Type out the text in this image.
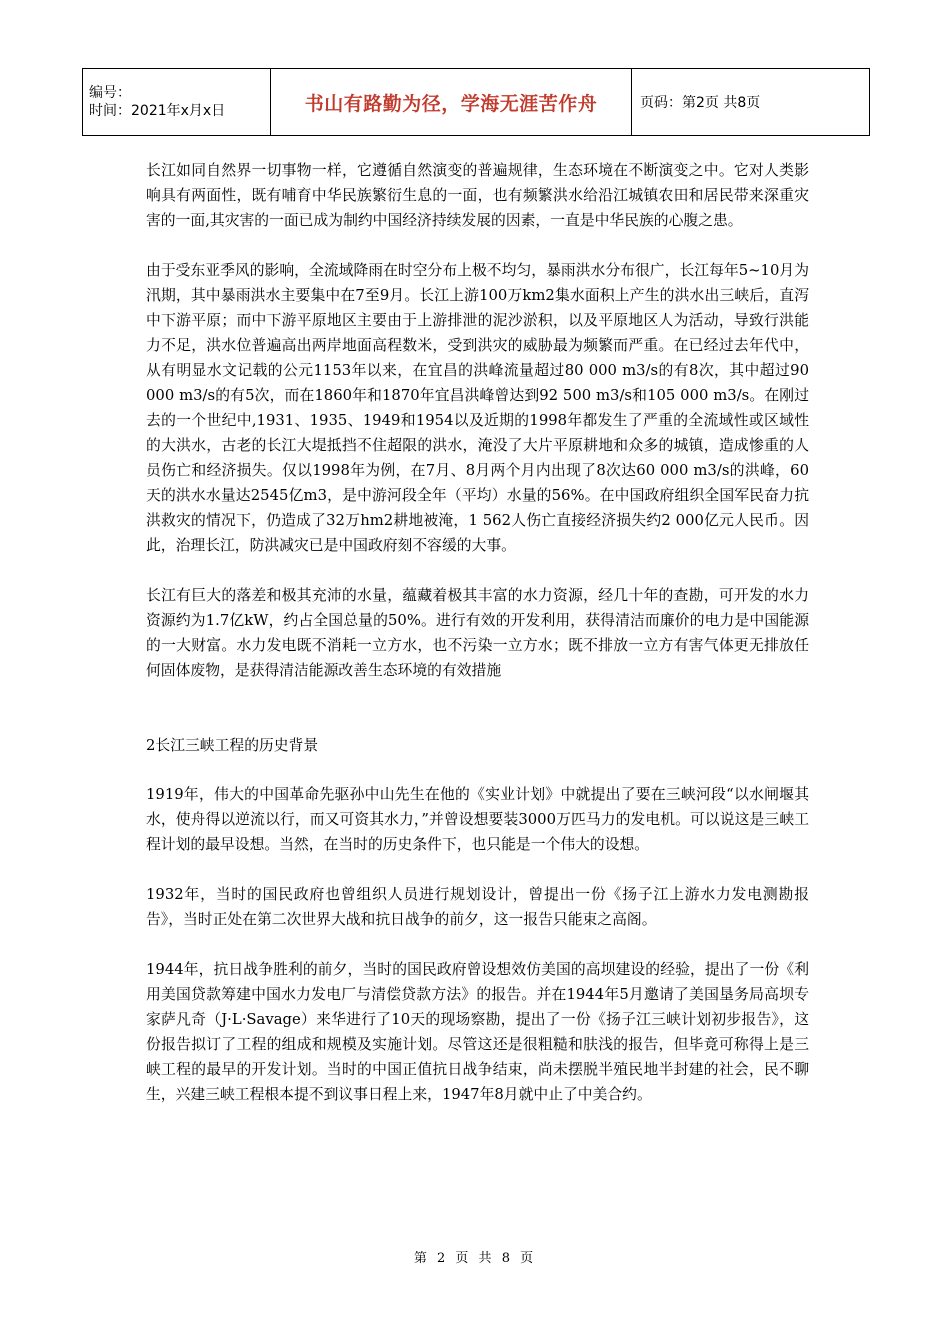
编号：
时间：2021年x月x日	书山有路勤为径，学海无涯苦作舟	页码：第2页 共8页

长江如同自然界一切事物一样，它遵循自然演变的普遍规律，生态环境在不断演变之中。它对人类影响具有两面性，既有哺育中华民族繁衍生息的一面，也有频繁洪水给沿江城镇农田和居民带来深重灾害的一面,其灾害的一面已成为制约中国经济持续发展的因素，一直是中华民族的心腹之患。

由于受东亚季风的影响，全流域降雨在时空分布上极不均匀，暴雨洪水分布很广，长江每年5~10月为汛期，其中暴雨洪水主要集中在7至9月。长江上游100万km2集水面积上产生的洪水出三峡后，直泻中下游平原；而中下游平原地区主要由于上游排泄的泥沙淤积，以及平原地区人为活动，导致行洪能力不足，洪水位普遍高出两岸地面高程数米，受到洪灾的威胁最为频繁而严重。在已经过去年代中，从有明显水文记载的公元1153年以来，在宜昌的洪峰流量超过80 000 m3/s的有8次，其中超过90 000 m3/s的有5次，而在1860年和1870年宜昌洪峰曾达到92 500 m3/s和105 000 m3/s。在刚过去的一个世纪中,1931、1935、1949和1954以及近期的1998年都发生了严重的全流域性或区域性的大洪水，古老的长江大堤抵挡不住超限的洪水，淹没了大片平原耕地和众多的城镇，造成惨重的人员伤亡和经济损失。仅以1998年为例，在7月、8月两个月内出现了8次达60 000 m3/s的洪峰，60天的洪水水量达2545亿m3，是中游河段全年（平均）水量的56%。在中国政府组织全国军民奋力抗洪救灾的情况下，仍造成了32万hm2耕地被淹，1 562人伤亡直接经济损失约2 000亿元人民币。因此，治理长江，防洪减灾已是中国政府刻不容缓的大事。

长江有巨大的落差和极其充沛的水量，蕴藏着极其丰富的水力资源，经几十年的查勘，可开发的水力资源约为1.7亿kW，约占全国总量的50%。进行有效的开发利用，获得清洁而廉价的电力是中国能源的一大财富。水力发电既不消耗一立方水，也不污染一立方水；既不排放一立方有害气体更无排放任何固体废物，是获得清洁能源改善生态环境的有效措施

2长江三峡工程的历史背景

1919年，伟大的中国革命先驱孙中山先生在他的《实业计划》中就提出了要在三峡河段“以水闸堰其水，使舟得以逆流以行，而又可资其水力，”并曾设想要装3000万匹马力的发电机。可以说这是三峡工程计划的最早设想。当然，在当时的历史条件下，也只能是一个伟大的设想。

1932年，当时的国民政府也曾组织人员进行规划设计，曾提出一份《扬子江上游水力发电测勘报告》，当时正处在第二次世界大战和抗日战争的前夕，这一报告只能束之高阁。

1944年，抗日战争胜利的前夕，当时的国民政府曾设想效仿美国的高坝建设的经验，提出了一份《利用美国贷款筹建中国水力发电厂与清偿贷款方法》的报告。并在1944年5月邀请了美国垦务局高坝专家萨凡奇（J·L·Savage）来华进行了10天的现场察勘，提出了一份《扬子江三峡计划初步报告》，这份报告拟订了工程的组成和规模及实施计划。尽管这还是很粗糙和肤浅的报告，但毕竟可称得上是三峡工程的最早的开发计划。当时的中国正值抗日战争结束，尚未摆脱半殖民地半封建的社会，民不聊生，兴建三峡工程根本提不到议事日程上来，1947年8月就中止了中美合约。

第 2 页 共 8 页
